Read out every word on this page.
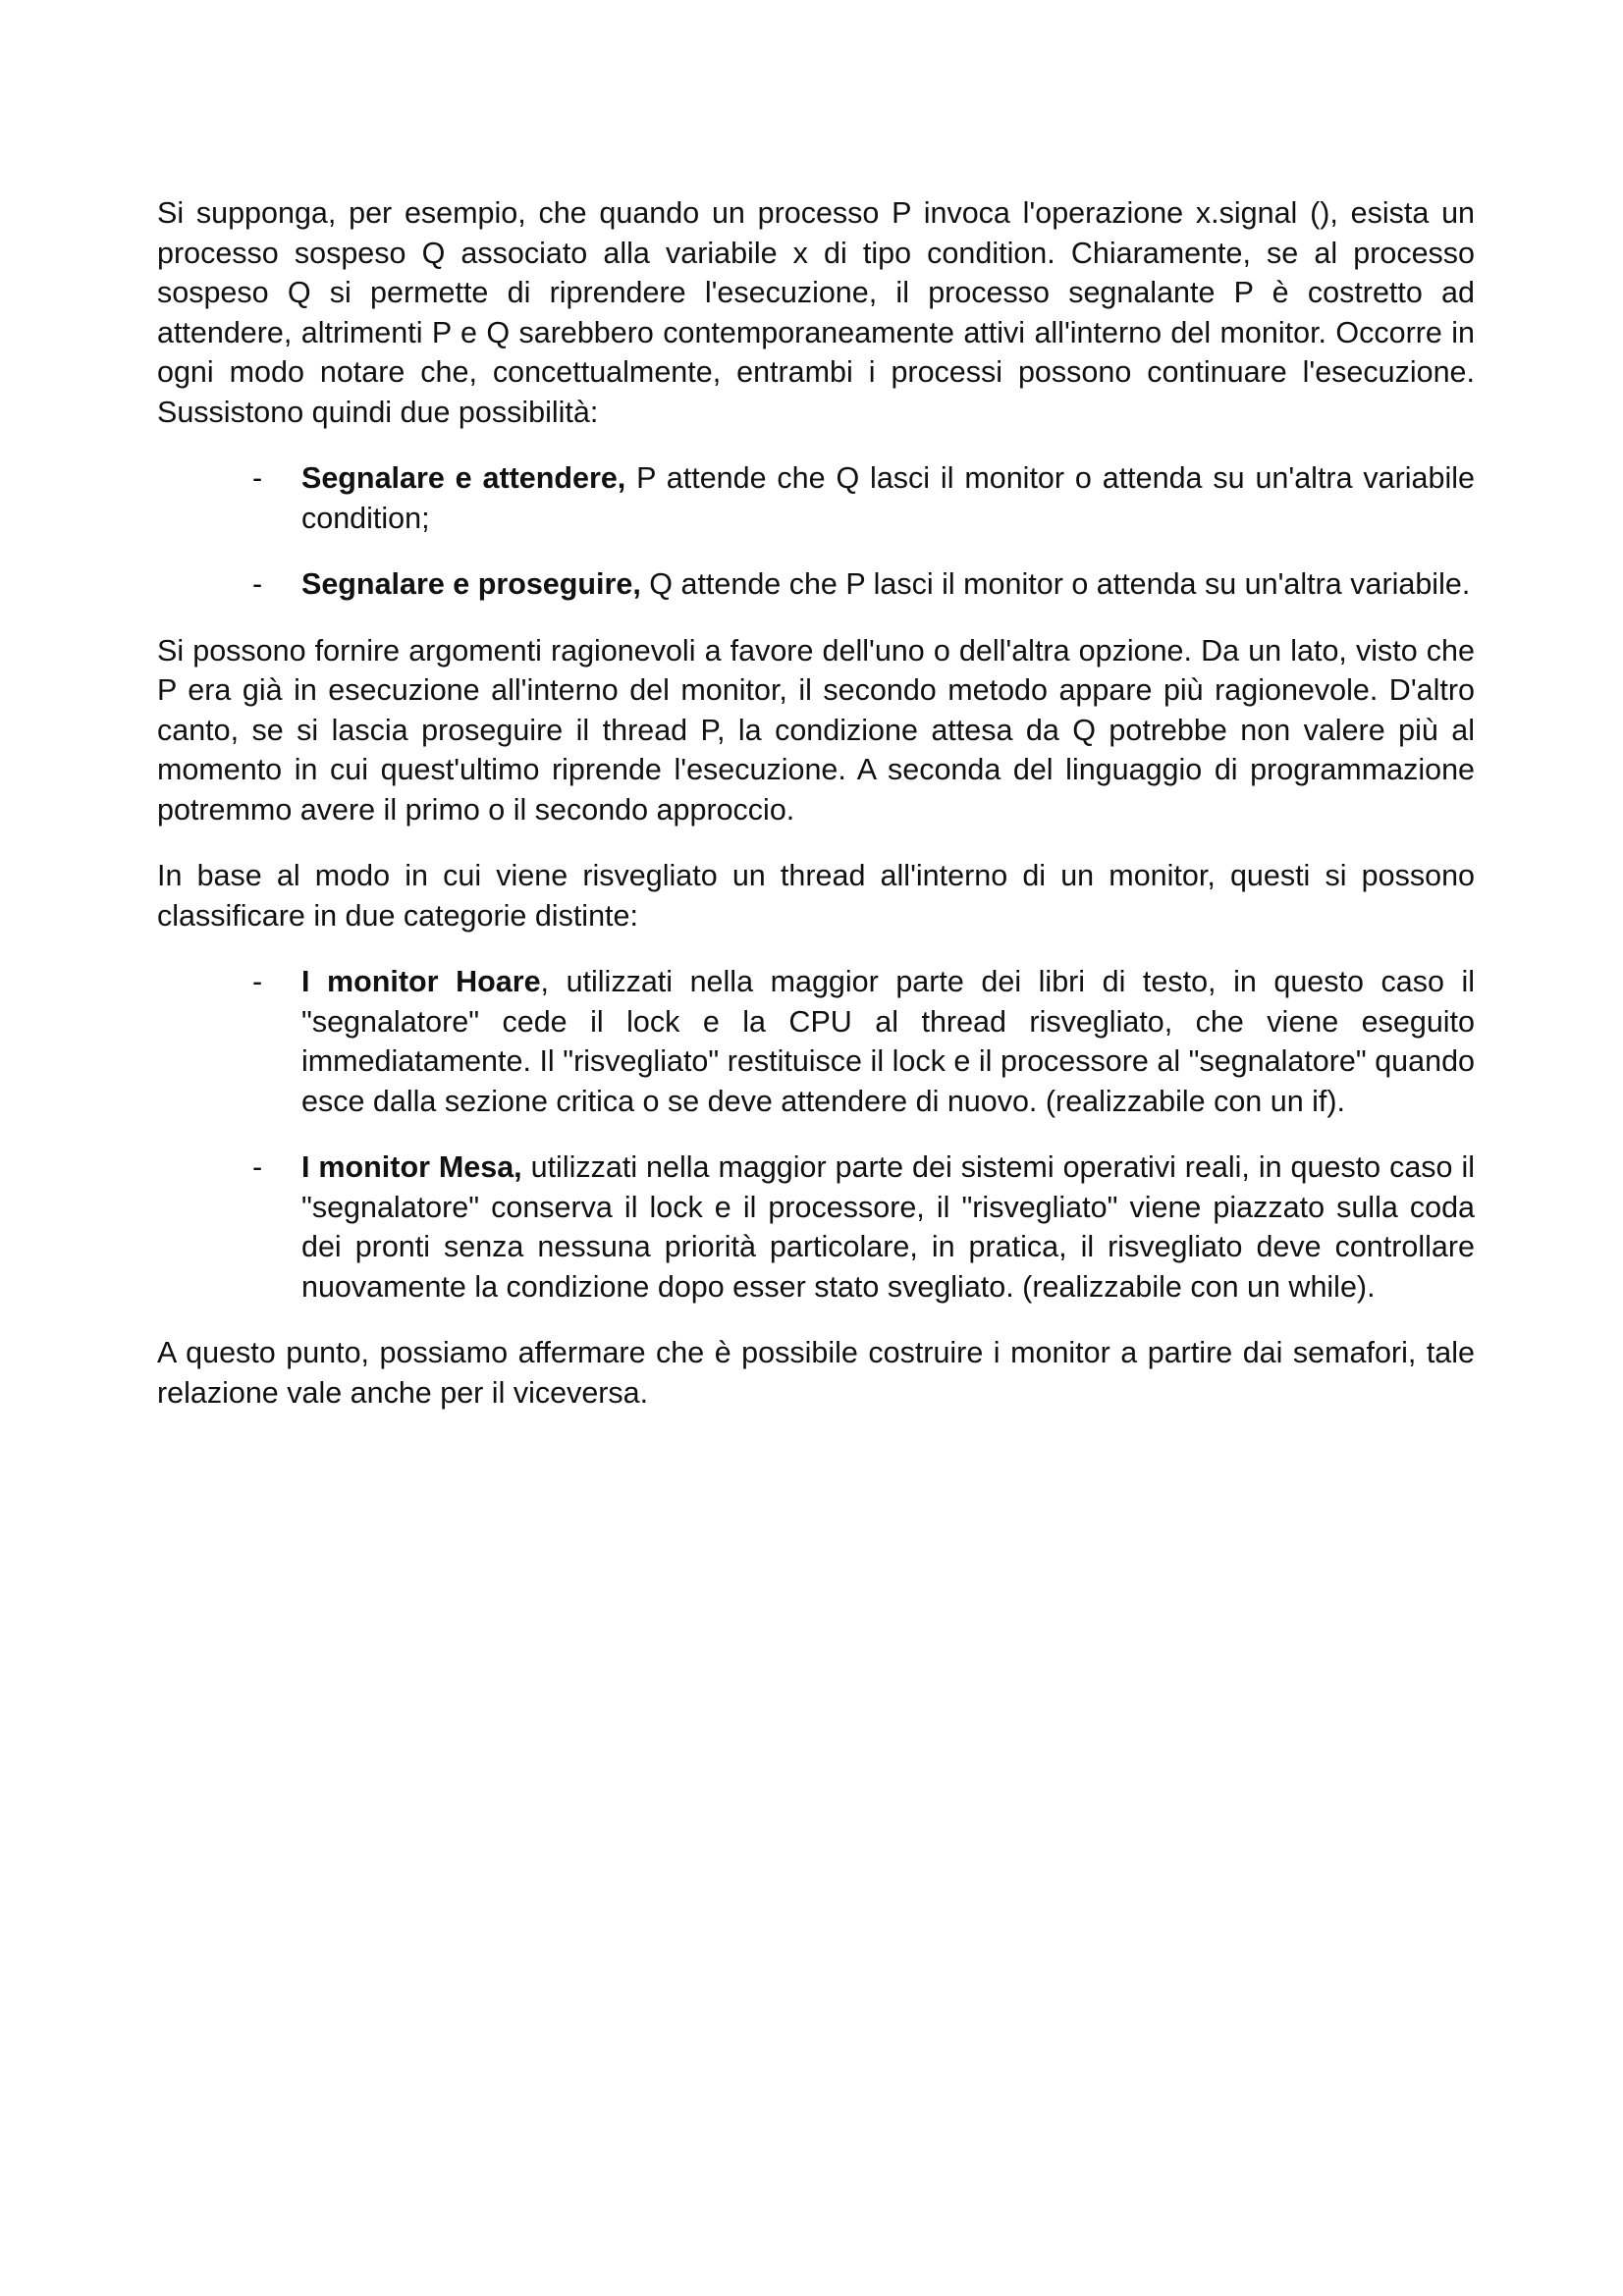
Si supponga, per esempio, che quando un processo P invoca l'operazione x.signal (), esista un processo sospeso Q associato alla variabile x di tipo condition. Chiaramente, se al processo sospeso Q si permette di riprendere l'esecuzione, il processo segnalante P è costretto ad attendere, altrimenti P e Q sarebbero contemporaneamente attivi all'interno del monitor. Occorre in ogni modo notare che, concettualmente, entrambi i processi possono continuare l'esecuzione. Sussistono quindi due possibilità:

- Segnalare e attendere, P attende che Q lasci il monitor o attenda su un'altra variabile condition;
- Segnalare e proseguire, Q attende che P lasci il monitor o attenda su un'altra variabile.

Si possono fornire argomenti ragionevoli a favore dell'uno o dell'altra opzione. Da un lato, visto che P era già in esecuzione all'interno del monitor, il secondo metodo appare più ragionevole. D'altro canto, se si lascia proseguire il thread P, la condizione attesa da Q potrebbe non valere più al momento in cui quest'ultimo riprende l'esecuzione. A seconda del linguaggio di programmazione potremmo avere il primo o il secondo approccio.

In base al modo in cui viene risvegliato un thread all'interno di un monitor, questi si possono classificare in due categorie distinte:

- I monitor Hoare, utilizzati nella maggior parte dei libri di testo, in questo caso il "segnalatore" cede il lock e la CPU al thread risvegliato, che viene eseguito immediatamente. Il "risvegliato" restituisce il lock e il processore al "segnalatore" quando esce dalla sezione critica o se deve attendere di nuovo. (realizzabile con un if).
- I monitor Mesa, utilizzati nella maggior parte dei sistemi operativi reali, in questo caso il "segnalatore" conserva il lock e il processore, il "risvegliato" viene piazzato sulla coda dei pronti senza nessuna priorità particolare, in pratica, il risvegliato deve controllare nuovamente la condizione dopo esser stato svegliato. (realizzabile con un while).

A questo punto, possiamo affermare che è possibile costruire i monitor a partire dai semafori, tale relazione vale anche per il viceversa.
